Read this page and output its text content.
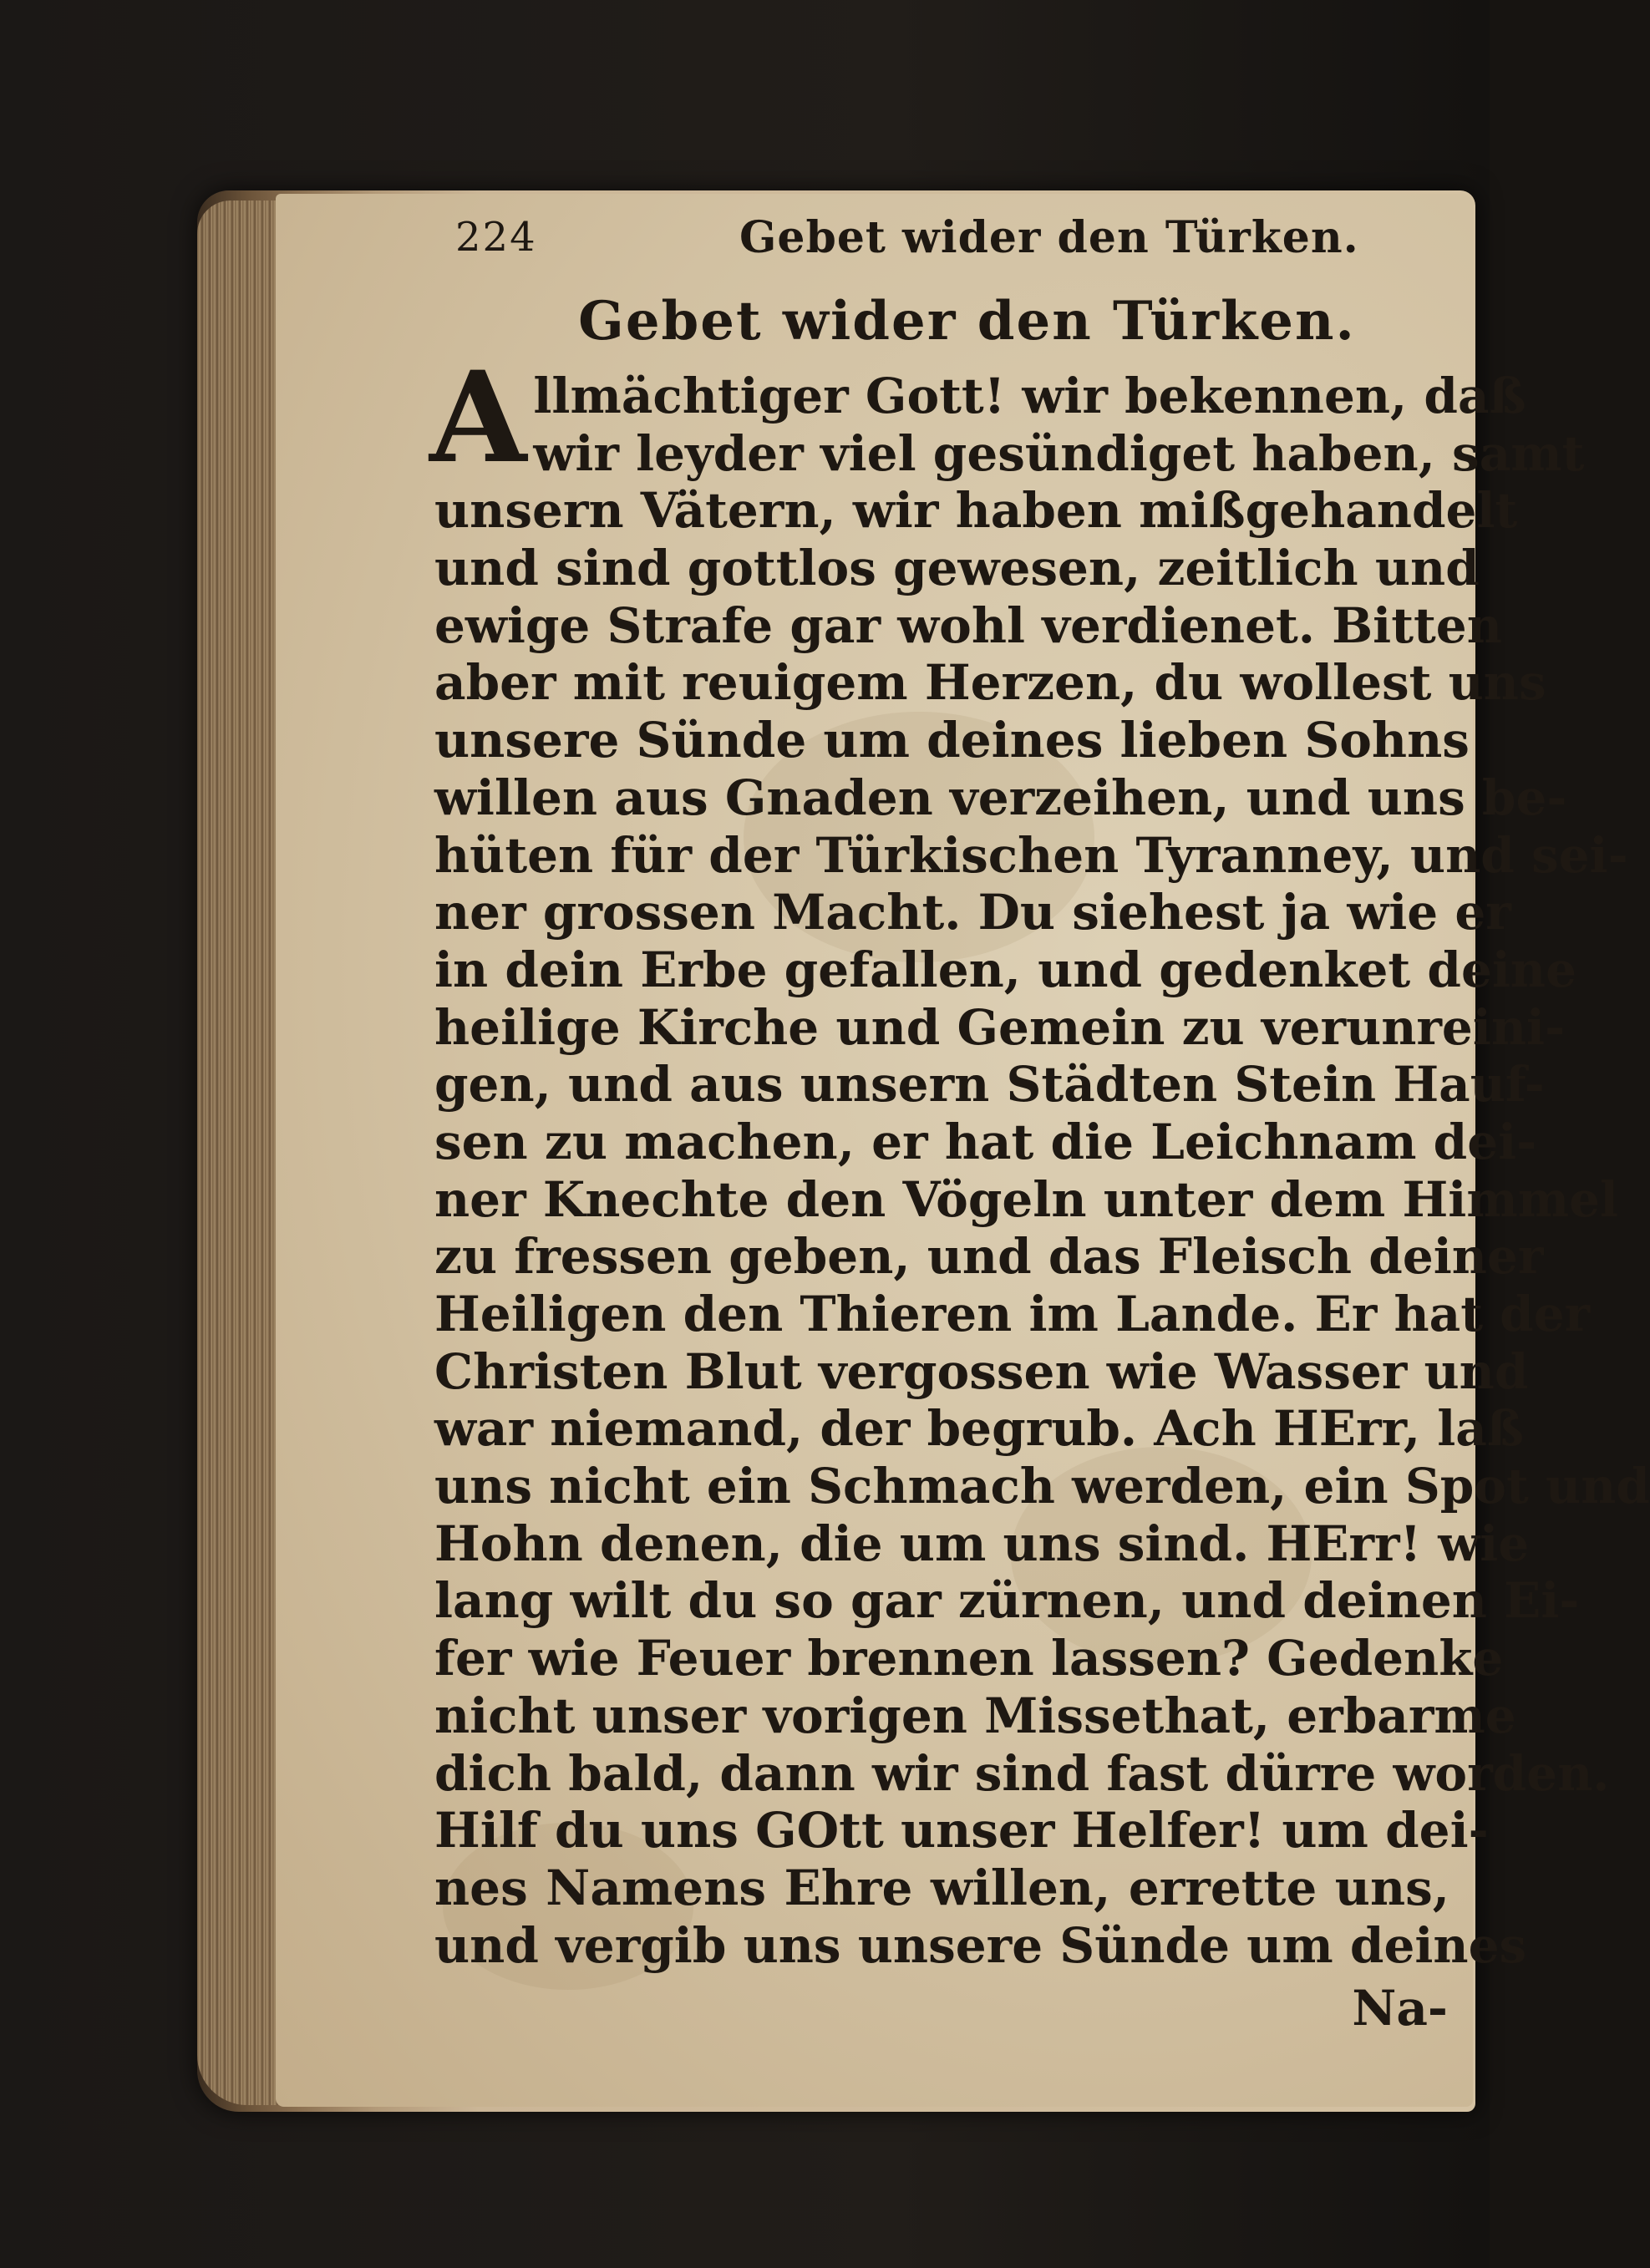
224	Gebet wider den Türken.
Gebet wider den Türken.
A llmächtiger Gott! wir bekennen, daß
wir leyder viel gesündiget haben, samt
unsern Vätern, wir haben mißgehandelt
und sind gottlos gewesen, zeitlich und
ewige Strafe gar wohl verdienet. Bitten
aber mit reuigem Herzen, du wollest uns
unsere Sünde um deines lieben Sohns
willen aus Gnaden verzeihen, und uns be-
hüten für der Türkischen Tyranney, und sei-
ner grossen Macht. Du siehest ja wie er
in dein Erbe gefallen, und gedenket deine
heilige Kirche und Gemein zu verunreini-
gen, und aus unsern Städten Stein Hauf-
sen zu machen, er hat die Leichnam dei-
ner Knechte den Vögeln unter dem Himmel
zu fressen geben, und das Fleisch deiner
Heiligen den Thieren im Lande. Er hat der
Christen Blut vergossen wie Wasser und
war niemand, der begrub. Ach HErr, laß
uns nicht ein Schmach werden, ein Spot und
Hohn denen, die um uns sind. HErr! wie
lang wilt du so gar zürnen, und deinen Ei-
fer wie Feuer brennen lassen? Gedenke
nicht unser vorigen Missethat, erbarme
dich bald, dann wir sind fast dürre worden.
Hilf du uns GOtt unser Helfer! um dei-
nes Namens Ehre willen, errette uns,
und vergib uns unsere Sünde um deines
Na-
